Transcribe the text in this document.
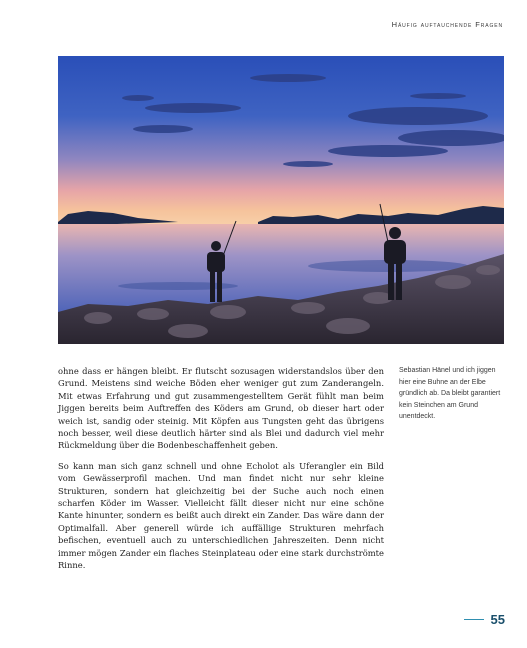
Häufig auftauchende Fragen

ohne dass er hängen bleibt. Er flutscht sozusagen widerstandslos über den Grund. Meistens sind weiche Böden eher weniger gut zum Zanderangeln. Mit etwas Erfahrung und gut zusammengestelltem Gerät fühlt man beim Jiggen bereits beim Auftreffen des Köders am Grund, ob dieser hart oder weich ist, sandig oder steinig. Mit Köpfen aus Tungsten geht das übrigens noch besser, weil diese deutlich härter sind als Blei und dadurch viel mehr Rückmeldung über die Bodenbeschaffenheit geben.

So kann man sich ganz schnell und ohne Echolot als Uferangler ein Bild vom Gewässerprofil machen. Und man findet nicht nur sehr kleine Strukturen, sondern hat gleichzeitig bei der Suche auch noch einen scharfen Köder im Wasser. Vielleicht fällt dieser nicht nur eine schöne Kante hinunter, sondern es beißt auch direkt ein Zander. Das wäre dann der Optimalfall. Aber generell würde ich auffällige Strukturen mehrfach befischen, eventuell auch zu unterschiedlichen Jahreszeiten. Denn nicht immer mögen Zander ein flaches Steinplateau oder eine stark durchströmte Rinne.

Sebastian Hänel und ich jiggen hier eine Buhne an der Elbe gründlich ab. Da bleibt garantiert kein Steinchen am Grund unentdeckt.
55
